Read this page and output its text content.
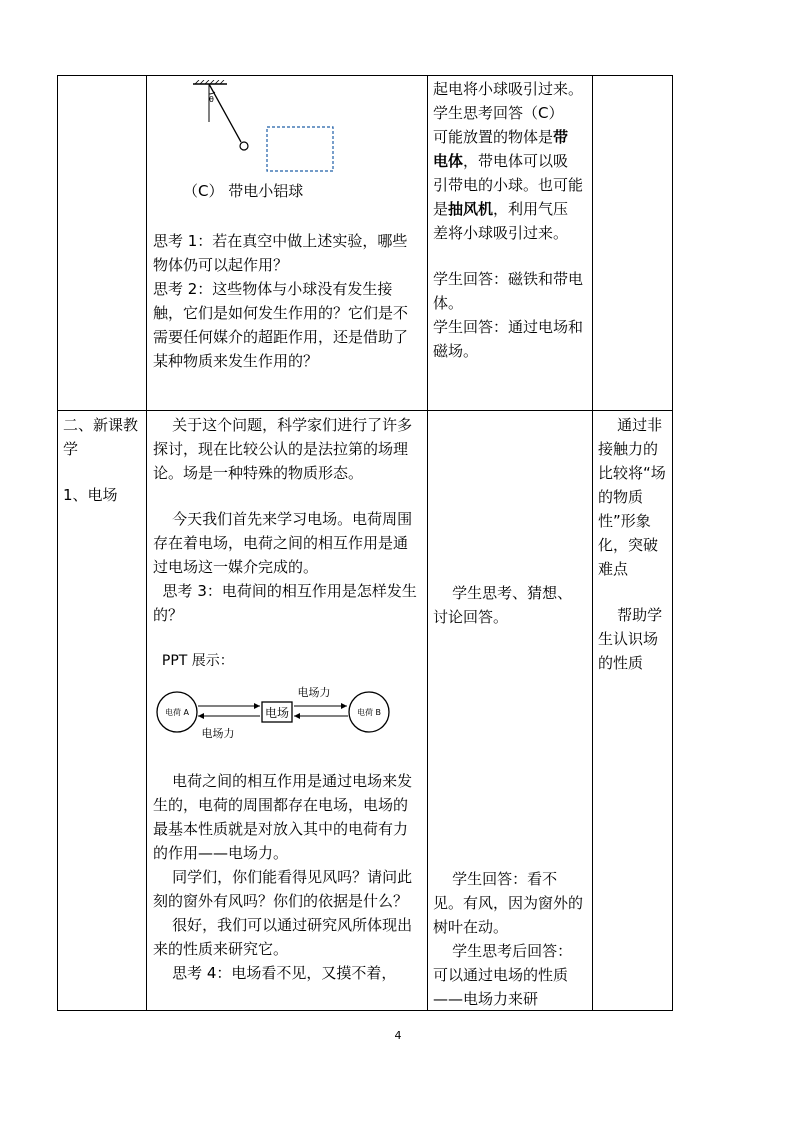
θ
（C） 带电小铝球

思考 1：若在真空中做上述实验，哪些物体仍可以起作用？

思考 2：这些物体与小球没有发生接触，它们是如何发生作用的？它们是不需要任何媒介的超距作用，还是借助了某种物质来发生作用的？

起电将小球吸引过来。

学生思考回答（C）

可能放置的物体是带电体，带电体可以吸引带电的小球。也可能是抽风机，利用气压差将小球吸引过来。

学生回答：磁铁和带电体。

学生回答：通过电场和磁场。

二、新课教学

1、电场

关于这个问题，科学家们进行了许多探讨，现在比较公认的是法拉第的场理论。场是一种特殊的物质形态。

今天我们首先来学习电场。电荷周围存在着电场，电荷之间的相互作用是通过电场这一媒介完成的。

思考 3：电荷间的相互作用是怎样发生的？

PPT 展示：

电荷 A	电场	电荷 B
电场力
电场力

电荷之间的相互作用是通过电场来发生的，电荷的周围都存在电场，电场的最基本性质就是对放入其中的电荷有力的作用——电场力。

同学们，你们能看得见风吗？请问此刻的窗外有风吗？你们的依据是什么？

很好，我们可以通过研究风所体现出来的性质来研究它。

思考 4：电场看不见，又摸不着，

学生思考、猜想、讨论回答。

学生回答：看不见。有风，因为窗外的树叶在动。

学生思考后回答：可以通过电场的性质——电场力来研

通过非接触力的比较将“场的物质性”形象化，突破难点

帮助学生认识场的性质

4
